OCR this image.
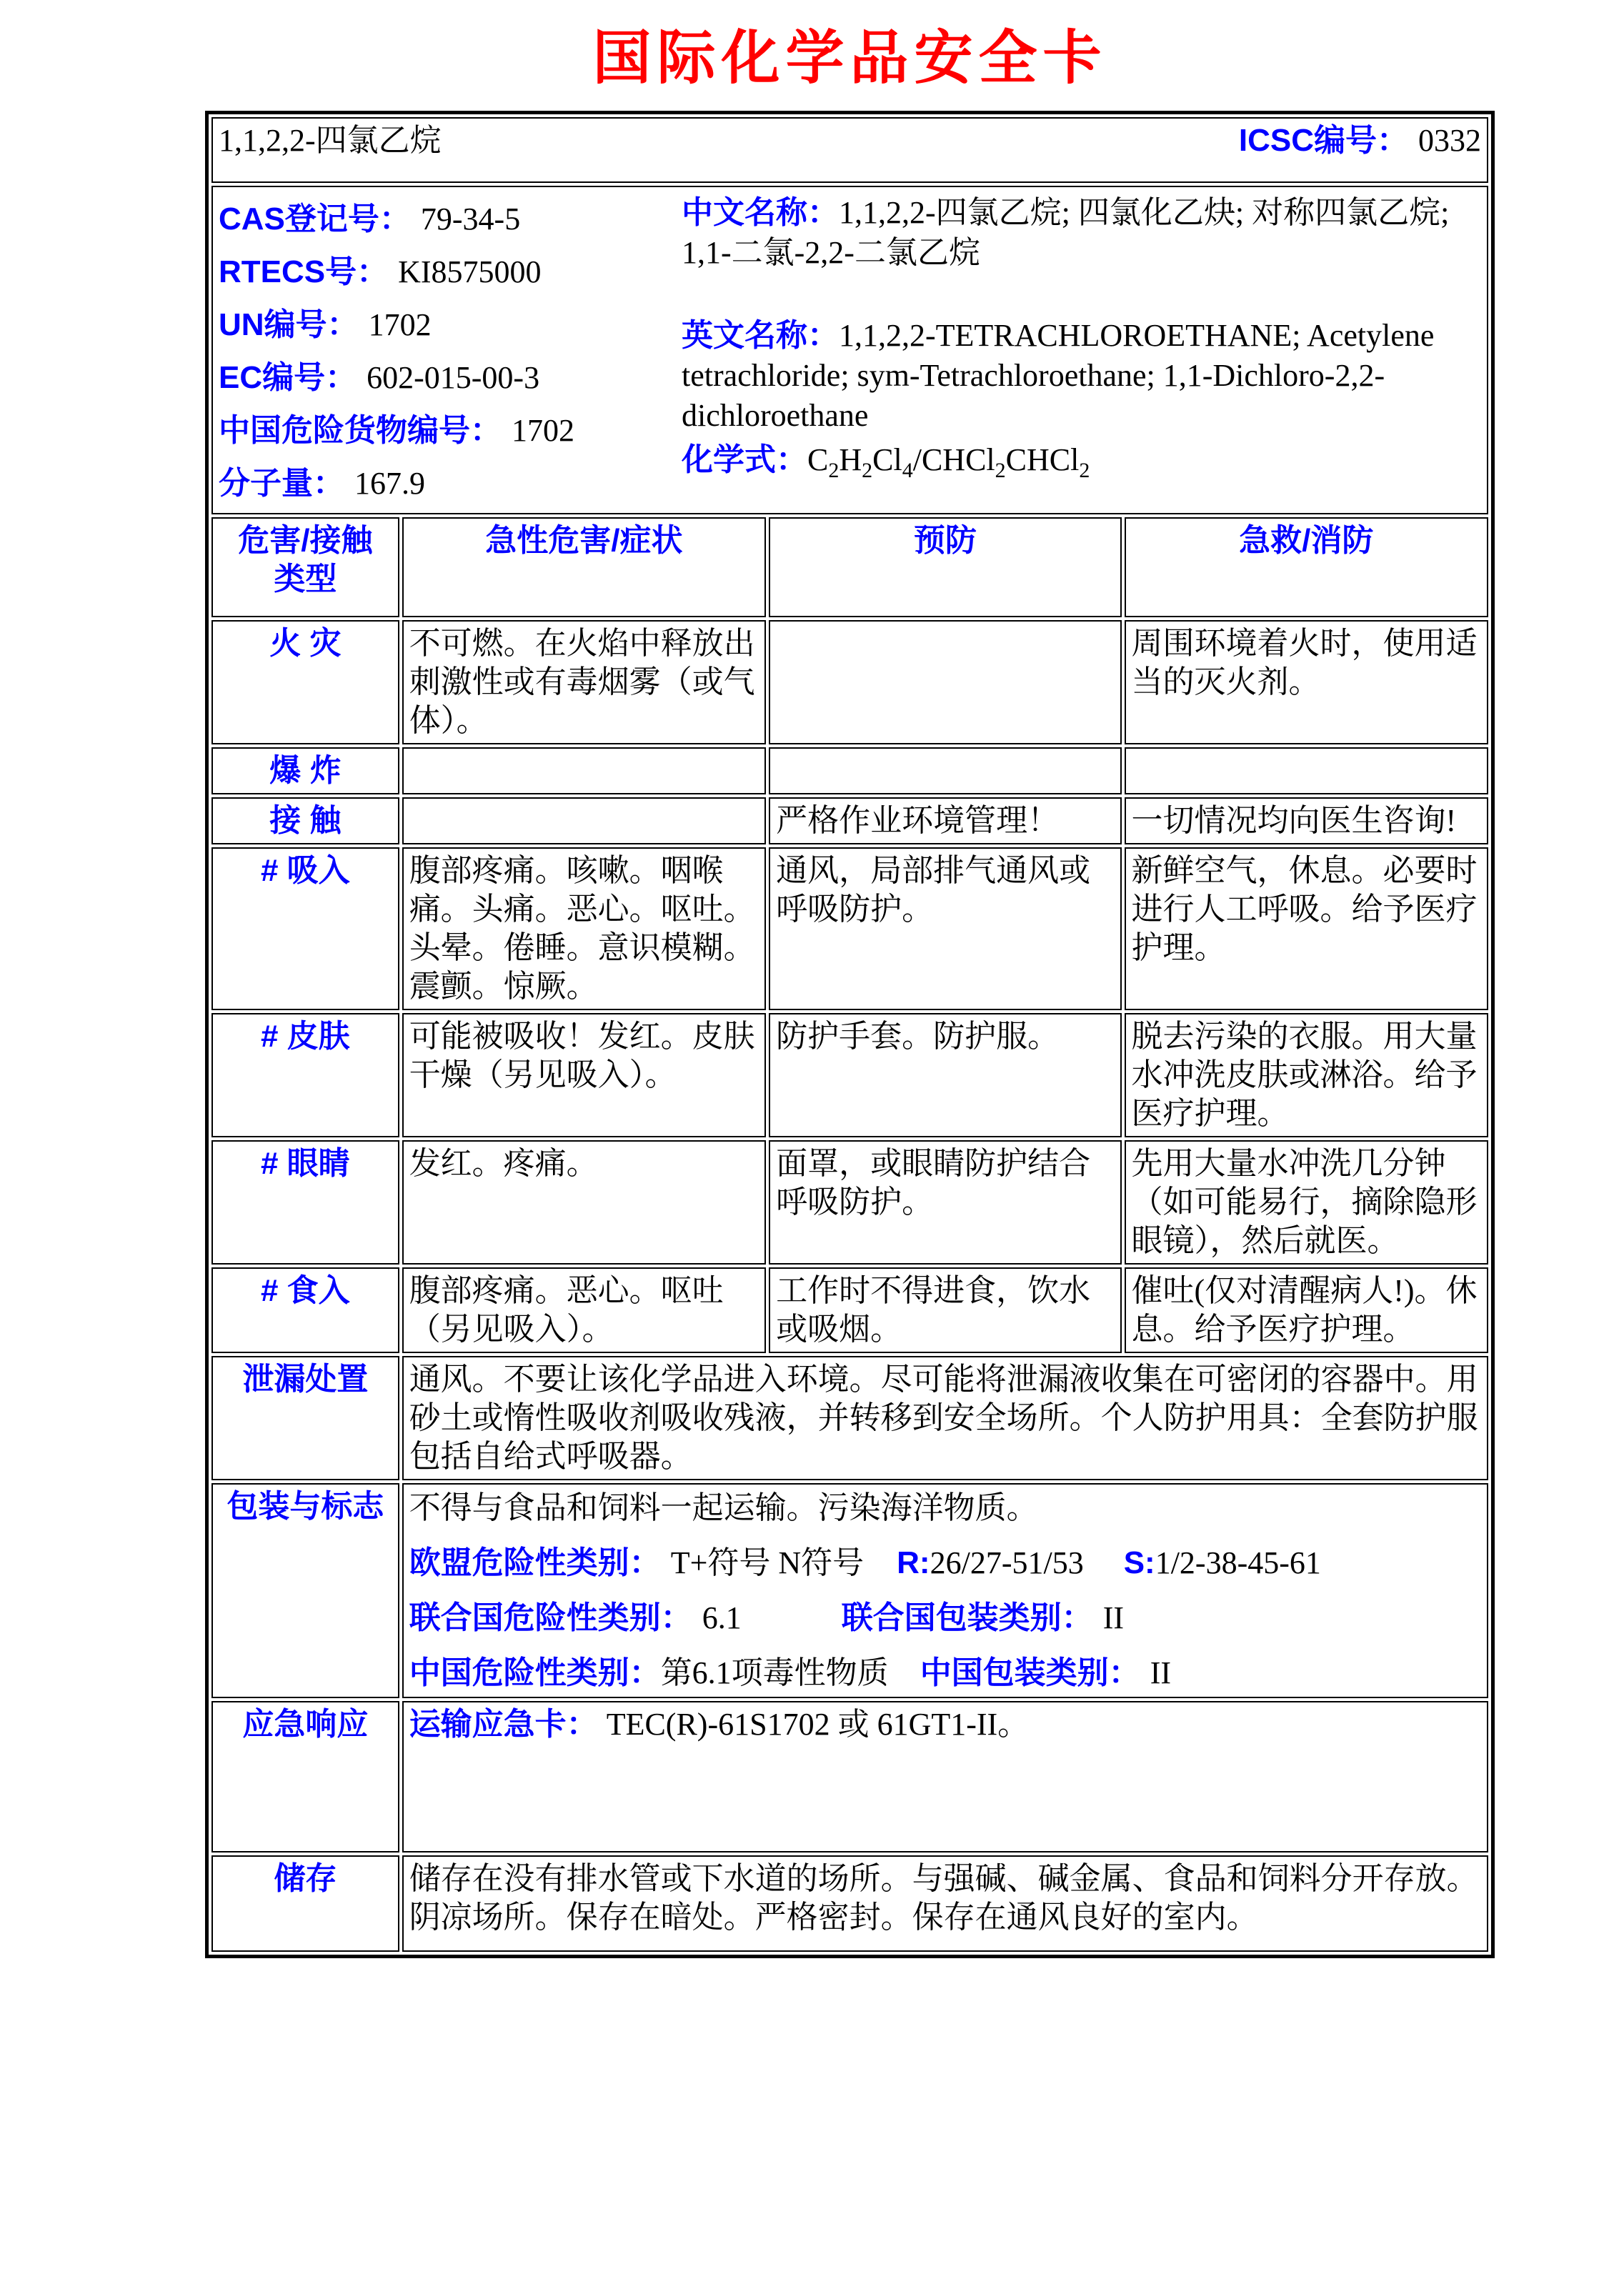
国际化学品安全卡
1,1,2,2-四氯乙烷 ICSC编号： 0332			

CAS登记号： 79-34-5
RTECS号： KI8575000
UN编号： 1702
EC编号： 602-015-00-3
中国危险货物编号： 1702
分子量： 167.9
中文名称：1,1,2,2-四氯乙烷; 四氯化乙炔; 对称四氯乙烷; 1,1-二氯-2,2-二氯乙烷
英文名称：1,1,2,2-TETRACHLOROETHANE; Acetylene tetrachloride; sym-Tetrachloroethane; 1,1-Dichloro-2,2-dichloroethane
化学式：$C_2H_2Cl_4/CHCl_2CHCl_2$

危害/接触
类型	急性危害/症状	预防	急救/消防
火 灾	不可燃。在火焰中释放出刺激性或有毒烟雾（或气体）。		周围环境着火时，使用适当的灭火剂。
爆 炸			
接 触		严格作业环境管理！	一切情况均向医生咨询!
# 吸入	腹部疼痛。咳嗽。咽喉痛。头痛。恶心。呕吐。头晕。倦睡。意识模糊。震颤。惊厥。	通风，局部排气通风或呼吸防护。	新鲜空气，休息。必要时进行人工呼吸。给予医疗护理。
# 皮肤	可能被吸收！发红。皮肤干燥（另见吸入）。	防护手套。防护服。	脱去污染的衣服。用大量水冲洗皮肤或淋浴。给予医疗护理。
# 眼睛	发红。疼痛。	面罩，或眼睛防护结合呼吸防护。	先用大量水冲洗几分钟（如可能易行，摘除隐形眼镜），然后就医。
# 食入	腹部疼痛。恶心。呕吐（另见吸入）。	工作时不得进食，饮水或吸烟。	催吐(仅对清醒病人!)。休息。给予医疗护理。
泄漏处置	通风。不要让该化学品进入环境。尽可能将泄漏液收集在可密闭的容器中。用砂土或惰性吸收剂吸收残液，并转移到安全场所。个人防护用具：全套防护服包括自给式呼吸器。		
包装与标志	不得与食品和饲料一起运输。污染海洋物质。
欧盟危险性类别： T+符号 N符号 R:26/27-51/53 S:1/2-38-45-61
联合国危险性类别： 6.1 联合国包装类别： II
中国危险性类别：第6.1项毒性物质 中国包装类别： II		

应急响应	运输应急卡： TEC(R)-61S1702 或 61GT1-II。		
储存	储存在没有排水管或下水道的场所。与强碱、碱金属、食品和饲料分开存放。阴凉场所。保存在暗处。严格密封。保存在通风良好的室内。		
